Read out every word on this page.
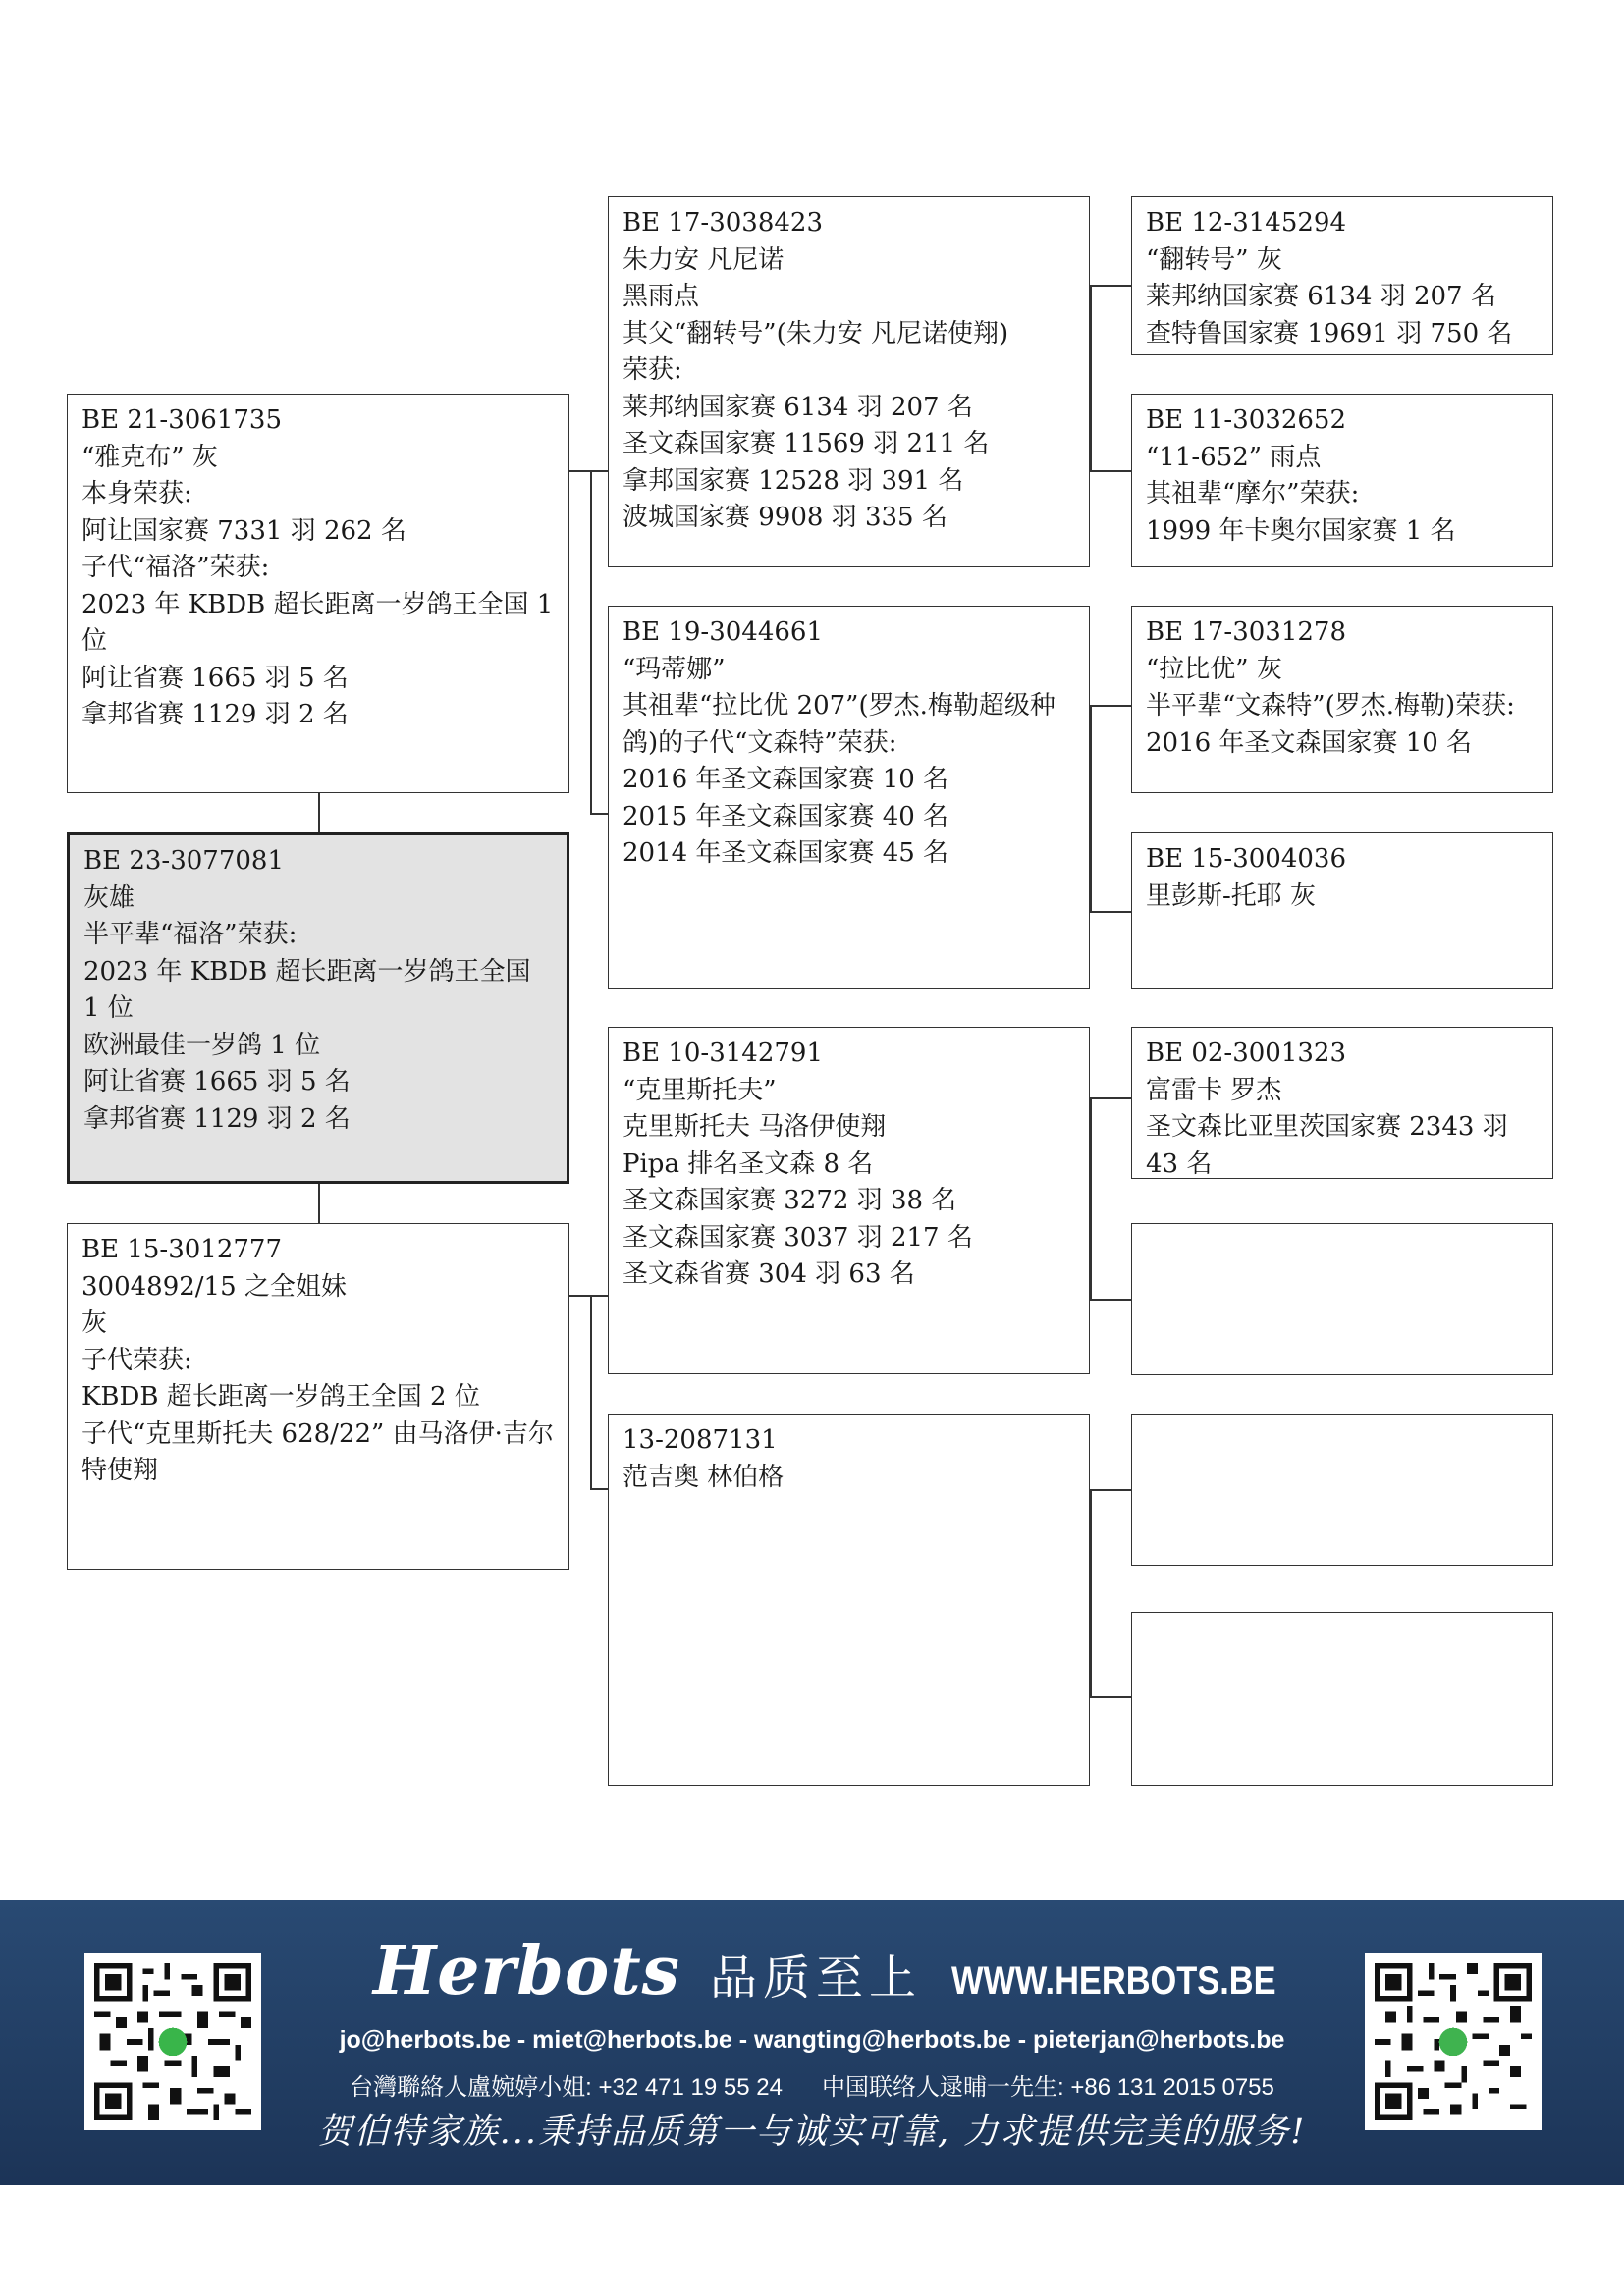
BE 21-3061735
“雅克布” 灰
本身荣获:
阿让国家赛 7331 羽 262 名
子代“福洛”荣获:
2023 年 KBDB 超长距离一岁鸽王全国 1 位
阿让省赛 1665 羽 5 名
拿邦省赛 1129 羽 2 名
BE 23-3077081
灰雄
半平辈“福洛”荣获:
2023 年 KBDB 超长距离一岁鸽王全国 1 位
欧洲最佳一岁鸽 1 位
阿让省赛 1665 羽 5 名
拿邦省赛 1129 羽 2 名
BE 15-3012777
3004892/15 之全姐妹
灰
子代荣获:
KBDB 超长距离一岁鸽王全国 2 位
子代“克里斯托夫 628/22” 由马洛伊·吉尔特使翔
BE 17-3038423
朱力安 凡尼诺
黑雨点
其父“翻转号”(朱力安 凡尼诺使翔)
荣获:
莱邦纳国家赛 6134 羽 207 名
圣文森国家赛 11569 羽 211 名
拿邦国家赛 12528 羽 391 名
波城国家赛 9908 羽 335 名
BE 19-3044661
“玛蒂娜”
其祖辈“拉比优 207”(罗杰.梅勒超级种鸽)的子代“文森特”荣获:
2016 年圣文森国家赛 10 名
2015 年圣文森国家赛 40 名
2014 年圣文森国家赛 45 名
BE 10-3142791
“克里斯托夫”
克里斯托夫 马洛伊使翔
Pipa 排名圣文森 8 名
圣文森国家赛 3272 羽 38 名
圣文森国家赛 3037 羽 217 名
圣文森省赛 304 羽 63 名
13-2087131
范吉奥 林伯格
BE 12-3145294
“翻转号” 灰
莱邦纳国家赛 6134 羽 207 名
查特鲁国家赛 19691 羽 750 名
BE 11-3032652
“11-652” 雨点
其祖辈“摩尔”荣获:
1999 年卡奥尔国家赛 1 名
BE 17-3031278
“拉比优” 灰
半平辈“文森特”(罗杰.梅勒)荣获:
2016 年圣文森国家赛 10 名
BE 15-3004036
里彭斯-托耶 灰
BE 02-3001323
富雷卡 罗杰
圣文森比亚里茨国家赛 2343 羽 43 名
Herbots 品质至上 WWW.HERBOTS.BE
jo@herbots.be - miet@herbots.be - wangting@herbots.be - pieterjan@herbots.be
台灣聯絡人盧婉婷小姐: +32 471 19 55 24 中国联络人逯晡一先生: +86 131 2015 0755
贺伯特家族...秉持品质第一与诚实可靠, 力求提供完美的服务!
